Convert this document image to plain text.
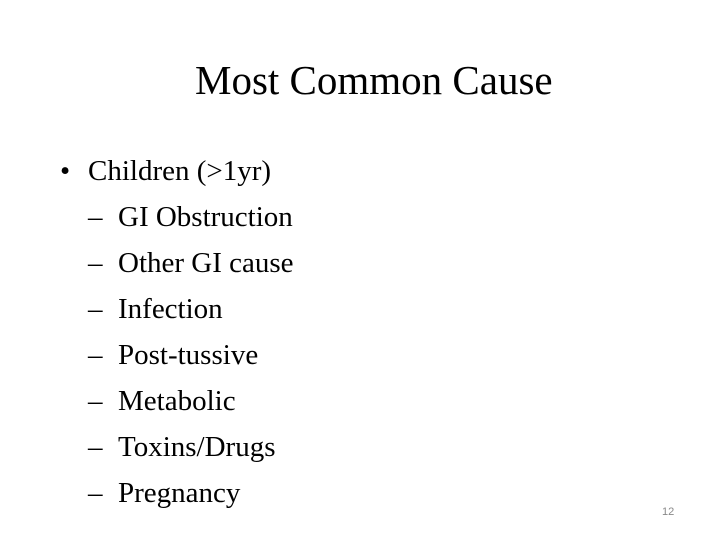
Most Common Cause
• Children (>1yr)
– GI Obstruction
– Other GI cause
– Infection
– Post-tussive
– Metabolic
– Toxins/Drugs
– Pregnancy
12
